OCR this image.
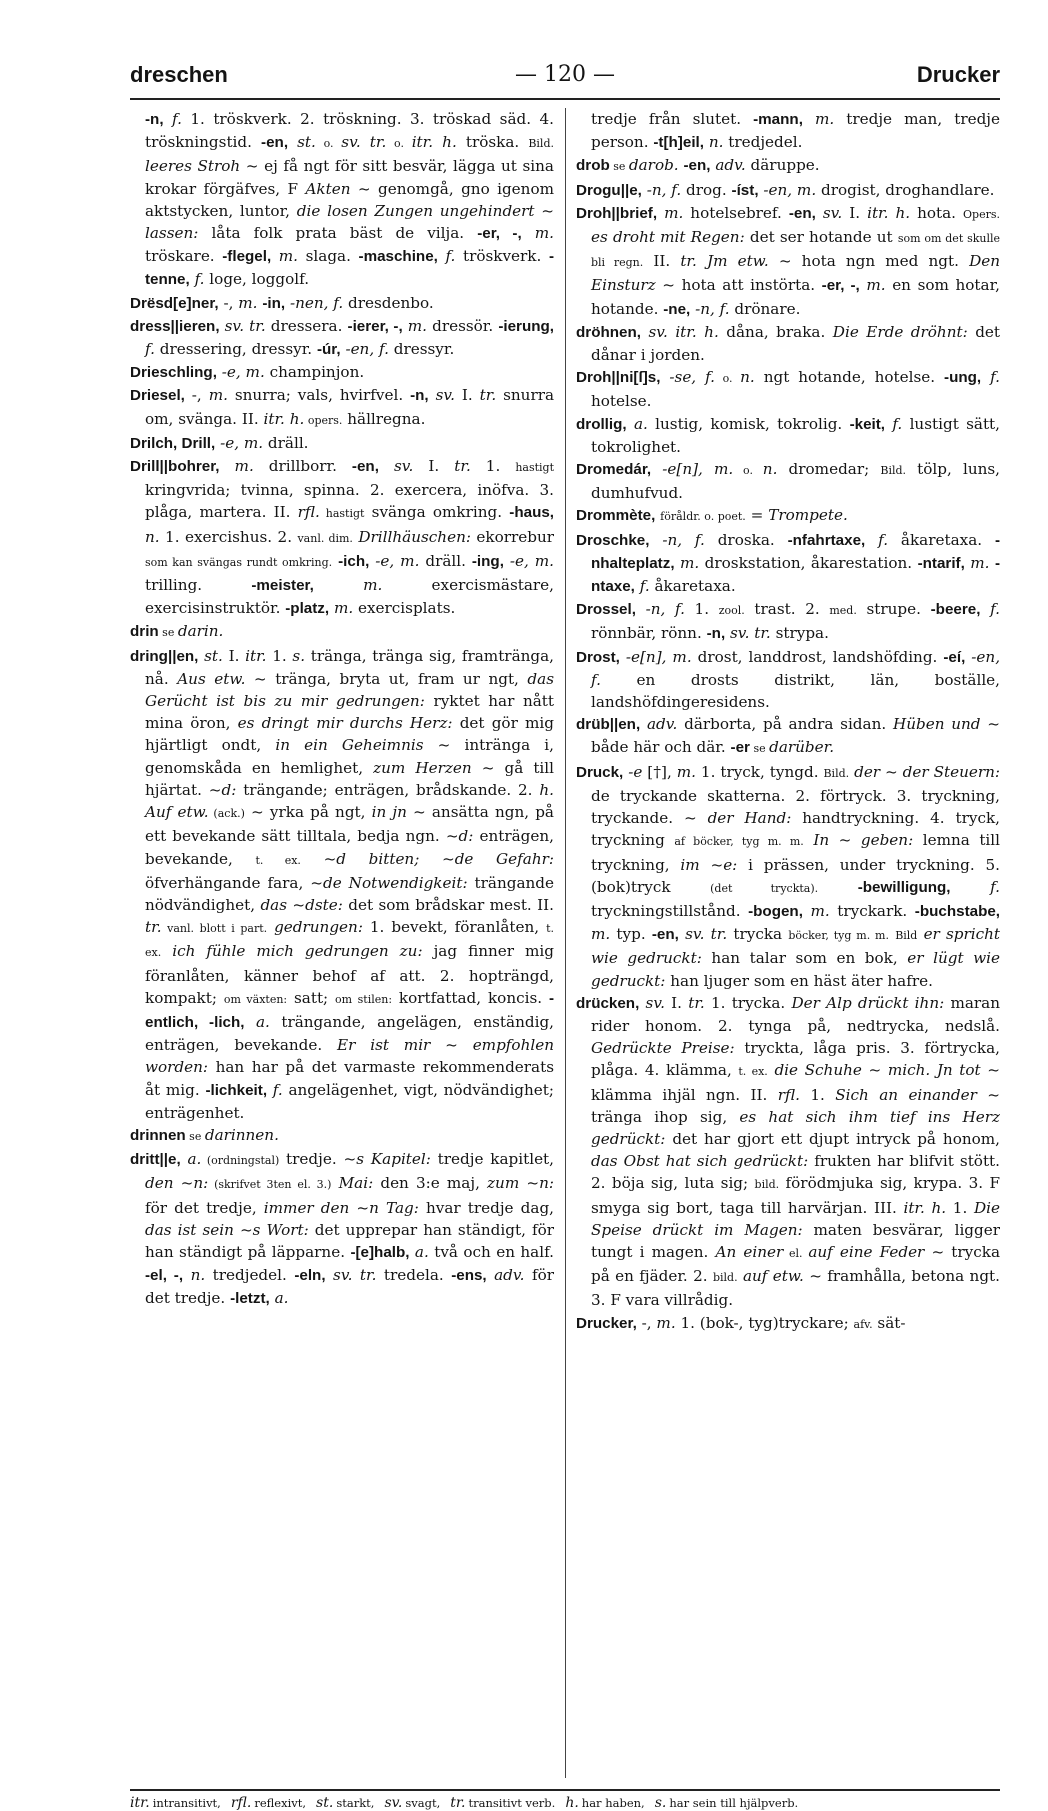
dreschen	— 120 —	Drucker

-n, f. 1. tröskverk. 2. tröskning. 3. tröskad säd. 4. tröskningstid. -en, st. o. sv. tr. o. itr. h. tröska. Bild. leeres Stroh ~ ej få ngt för sitt besvär, lägga ut sina krokar förgäfves, F Akten ~ genomgå, gno igenom aktstycken, luntor, die losen Zungen ungehindert ~ lassen: låta folk prata bäst de vilja. -er, -, m. tröskare. -flegel, m. slaga. -maschine, f. tröskverk. -tenne, f. loge, loggolf.

Drësd[e]ner, -, m. -in, -nen, f. dresdenbo.

dress||ieren, sv. tr. dressera. -ierer, -, m. dressör. -ierung, f. dressering, dressyr. -úr, -en, f. dressyr.

Drieschling, -e, m. champinjon.

Driesel, -, m. snurra; vals, hvirfvel. -n, sv. I. tr. snurra om, svänga. II. itr. h. opers. hällregna.

Drilch, Drill, -e, m. dräll.

Drill||bohrer, m. drillborr. -en, sv. I. tr. 1. hastigt kringvrida; tvinna, spinna. 2. exercera, inöfva. 3. plåga, martera. II. rfl. hastigt svänga omkring. -haus, n. 1. exercishus. 2. vanl. dim. Drillhäuschen: ekorrebur som kan svängas rundt omkring. -ich, -e, m. dräll. -ing, -e, m. trilling. -meister,	m. exercismästare, exercisinstruktör. -platz, m. exercisplats.

drin se darin.

dring||en, st. I. itr. 1. s. tränga, tränga sig, framtränga, nå. Aus etw. ~ tränga, bryta ut, fram ur ngt, das Gerücht ist bis zu mir gedrungen: ryktet har nått mina öron, es dringt mir durchs Herz: det gör mig hjärtligt ondt, in ein Geheimnis ~ intränga i, genomskåda en hemlighet, zum Herzen ~ gå till hjärtat. ~d: trängande; enträgen, brådskande. 2. h. Auf etw. (ack.) ~ yrka på ngt, in jn ~ ansätta ngn, på ett bevekande sätt tilltala, bedja ngn. ~d: enträgen, bevekande, t. ex. ~d bitten; ~de Gefahr: öfverhängande fara, ~de Notwendigkeit: trängande nödvändighet, das ~dste: det som brådskar mest. II. tr. vanl. blott i part. gedrungen: 1. bevekt, föranlåten, t. ex. ich fühle mich gedrungen zu: jag finner mig föranlåten, känner behof af att. 2. hopträngd, kompakt; om växten: satt; om stilen: kortfattad, koncis. -entlich, -lich, a. trängande, angelägen, enständig, enträgen, bevekande. Er ist mir ~ empfohlen worden: han har på det varmaste rekommenderats åt mig. -lichkeit, f. angelägenhet, vigt, nödvändighet; enträgenhet.

drinnen se darinnen.

dritt||e, a. (ordningstal) tredje. ~s Kapitel: tredje kapitlet, den ~n: (skrifvet 3ten el. 3.) Mai: den 3:e maj, zum ~n: för det tredje, immer den ~n Tag: hvar tredje dag, das ist sein ~s Wort: det upprepar han ständigt, för han ständigt på läpparne. -[e]halb, a. två och en half. -el, -, n. tredjedel. -eln, sv. tr. tredela. -ens, adv. för det tredje. -letzt, a.

tredje från slutet. -mann, m. tredje man, tredje person. -t[h]eil, n. tredjedel.

drob se darob. -en, adv. däruppe.

Drogu||e, -n, f. drog. -íst, -en, m. drogist, droghandlare.

Droh||brief, m. hotelsebref. -en, sv. I. itr. h. hota. Opers. es droht mit Regen: det ser hotande ut som om det skulle bli regn. II. tr. Jm etw. ~ hota ngn med ngt. Den Einsturz ~ hota att instörta. -er, -, m. en som hotar, hotande. -ne, -n, f. drönare.

dröhnen, sv. itr. h. dåna, braka. Die Erde dröhnt: det dånar i jorden.

Droh||ni[ſ]s, -se, f. o. n. ngt hotande, hotelse. -ung, f. hotelse.

drollig, a. lustig, komisk, tokrolig. -keit, f. lustigt sätt, tokrolighet.

Dromedár, -e[n], m. o. n. dromedar; Bild. tölp, luns, dumhufvud.

Drommète, föråldr. o. poet. = Trompete.

Droschke, -n, f. droska. -nfahrtaxe, f. åkaretaxa. -nhalteplatz, m. droskstation, åkarestation. -ntarif, m. -ntaxe, f. åkaretaxa.

Drossel, -n, f. 1. zool. trast. 2. med. strupe. -beere, f. rönnbär, rönn. -n, sv. tr. strypa.

Drost, -e[n], m. drost, landdrost, landshöfding. -eí, -en, f. en drosts distrikt, län, boställe, landshöfdingeresidens.

drüb||en, adv. därborta, på andra sidan. Hüben und ~ både här och där. -er se darüber.

Druck, -e [†], m. 1. tryck, tyngd. Bild. der ~ der Steuern: de tryckande skatterna. 2. förtryck. 3. tryckning, tryckande. ~ der Hand: handtryckning. 4. tryck, tryckning af böcker, tyg m. m. In ~ geben: lemna till tryckning, im ~e: i prässen, under tryckning. 5. (bok)tryck (det tryckta).	-bewilligung,	f. tryckningstillstånd. -bogen, m. tryckark. -buchstabe, m. typ. -en, sv. tr. trycka böcker, tyg m. m. Bild er spricht wie gedruckt: han talar som en bok, er lügt wie gedruckt: han ljuger som en häst äter hafre.

drücken, sv. I. tr. 1. trycka. Der Alp drückt ihn: maran rider honom. 2. tynga på, nedtrycka, nedslå. Gedrückte Preise: tryckta, låga pris. 3. förtrycka, plåga. 4. klämma, t. ex. die Schuhe ~ mich. Jn tot ~ klämma ihjäl ngn. II. rfl. 1. Sich an einander ~ tränga ihop sig, es hat sich ihm tief ins Herz gedrückt: det har gjort ett djupt intryck på honom, das Obst hat sich gedrückt: frukten har blifvit stött. 2. böja sig, luta sig; bild. förödmjuka sig, krypa. 3. F smyga sig bort, taga till harvärjan. III. itr. h. 1. Die Speise drückt im Magen: maten besvärar, ligger tungt i magen. An einer el. auf eine Feder ~ trycka på en fjäder. 2. bild. auf etw. ~ framhålla, betona ngt. 3. F vara villrådig.

Drucker, -, m. 1. (bok-, tyg)tryckare; afv. sät-

itr. intransitivt, rfl. reflexivt, st. starkt, sv. svagt, tr. transitivt verb. h. har haben, s. har sein till hjälpverb.
